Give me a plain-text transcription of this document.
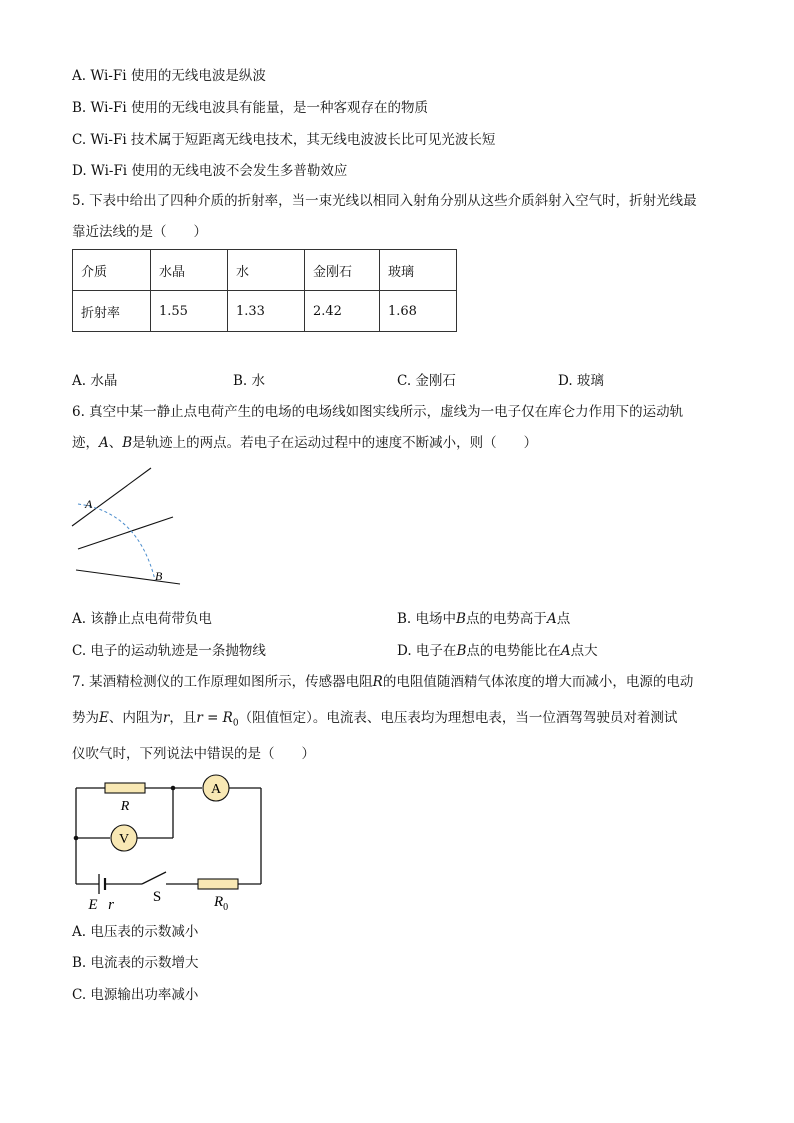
A. Wi-Fi 使用的无线电波是纵波
B. Wi-Fi 使用的无线电波具有能量，是一种客观存在的物质
C. Wi-Fi 技术属于短距离无线电技术，其无线电波波长比可见光波长短
D. Wi-Fi 使用的无线电波不会发生多普勒效应
5. 下表中给出了四种介质的折射率，当一束光线以相同入射角分别从这些介质斜射入空气时，折射光线最
靠近法线的是（　　）
介质	水晶	水	金刚石	玻璃
折射率	1.55	1.33	2.42	1.68
A. 水晶	B. 水	C. 金刚石	D. 玻璃
6. 真空中某一静止点电荷产生的电场的电场线如图实线所示，虚线为一电子仅在库仑力作用下的运动轨
迹，A、B是轨迹上的两点。若电子在运动过程中的速度不断减小，则（　　）
A
B
A. 该静止点电荷带负电	B. 电场中B点的电势高于A点
C. 电子的运动轨迹是一条抛物线	D. 电子在B点的电势能比在A点大
7. 某酒精检测仪的工作原理如图所示，传感器电阻R的电阻值随酒精气体浓度的增大而减小，电源的电动
势为E、内阻为r，且$r = R_0$（阻值恒定）。电流表、电压表均为理想电表，当一位酒驾驾驶员对着测试
仪吹气时，下列说法中错误的是（　　）
A
R
V
E r	S	$R_0$
A. 电压表的示数减小
B. 电流表的示数增大
C. 电源输出功率减小
